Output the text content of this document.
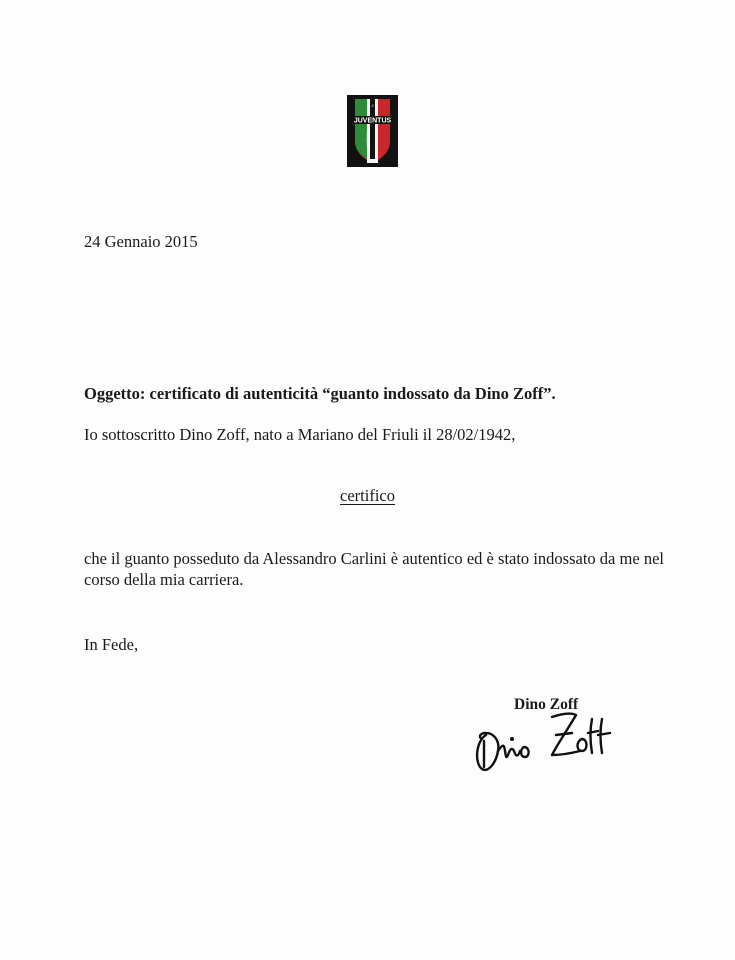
JUVENTUS
J
MUSEUM
24 Gennaio 2015
Oggetto: certificato di autenticità “guanto indossato da Dino Zoff”.
Io sottoscritto Dino Zoff, nato a Mariano del Friuli il 28/02/1942,
certifico
che il guanto posseduto da Alessandro Carlini è autentico ed è stato indossato da me nel corso della mia carriera.
In Fede,
Dino Zoff
